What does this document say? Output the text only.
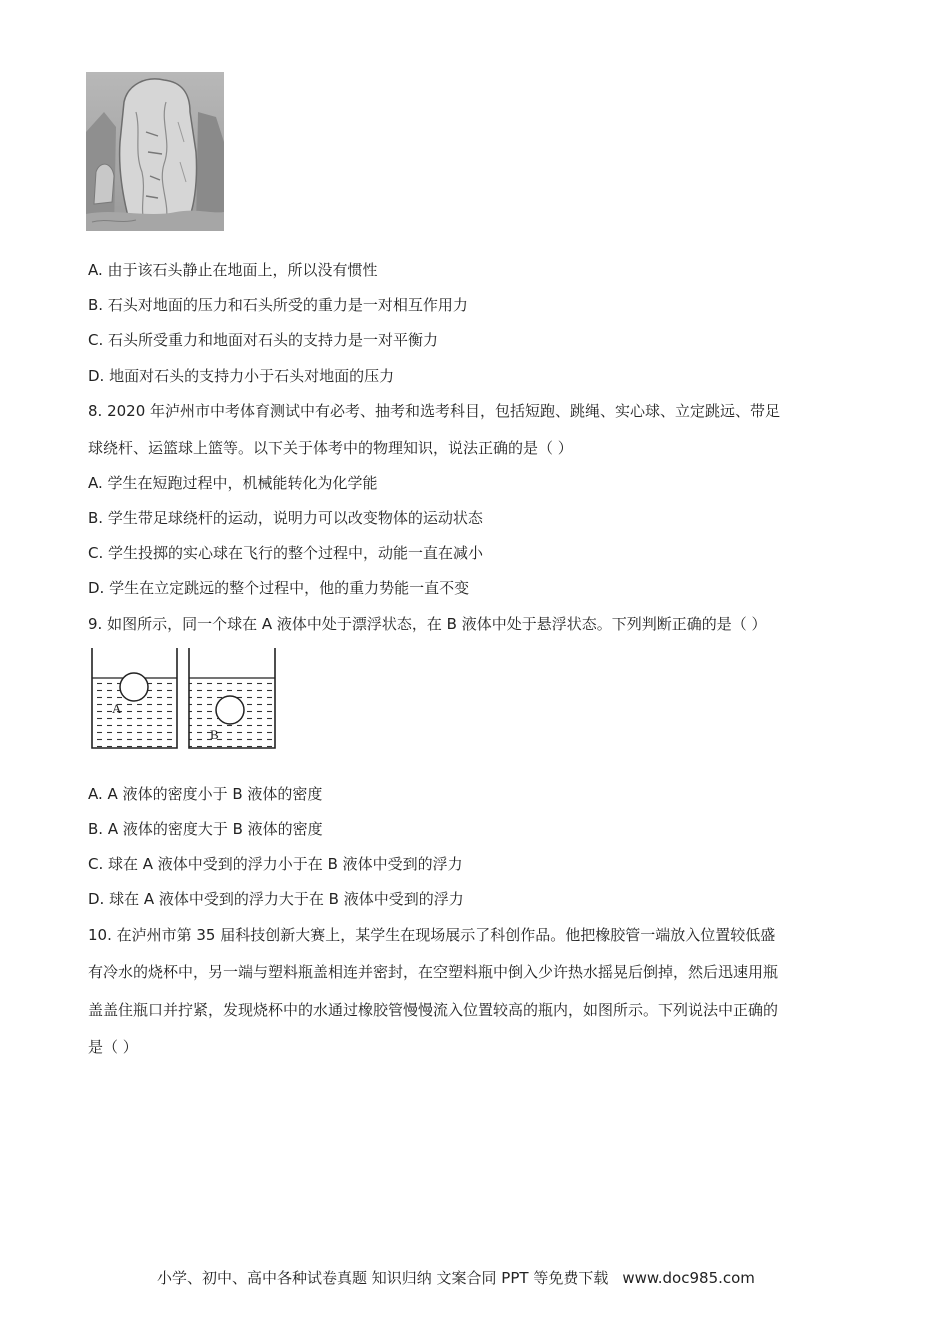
A. 由于该石头静止在地面上，所以没有惯性
B. 石头对地面的压力和石头所受的重力是一对相互作用力
C. 石头所受重力和地面对石头的支持力是一对平衡力
D. 地面对石头的支持力小于石头对地面的压力
8. 2020 年泸州市中考体育测试中有必考、抽考和选考科目，包括短跑、跳绳、实心球、立定跳远、带足
球绕杆、运篮球上篮等。以下关于体考中的物理知识，说法正确的是（ ）
A. 学生在短跑过程中，机械能转化为化学能
B. 学生带足球绕杆的运动，说明力可以改变物体的运动状态
C. 学生投掷的实心球在飞行的整个过程中，动能一直在减小
D. 学生在立定跳远的整个过程中，他的重力势能一直不变
9. 如图所示，同一个球在 A 液体中处于漂浮状态，在 B 液体中处于悬浮状态。下列判断正确的是（ ）
A
B
A. A 液体的密度小于 B 液体的密度
B. A 液体的密度大于 B 液体的密度
C. 球在 A 液体中受到的浮力小于在 B 液体中受到的浮力
D. 球在 A 液体中受到的浮力大于在 B 液体中受到的浮力
10. 在泸州市第 35 届科技创新大赛上，某学生在现场展示了科创作品。他把橡胶管一端放入位置较低盛
有冷水的烧杯中，另一端与塑料瓶盖相连并密封，在空塑料瓶中倒入少许热水摇晃后倒掉，然后迅速用瓶
盖盖住瓶口并拧紧，发现烧杯中的水通过橡胶管慢慢流入位置较高的瓶内，如图所示。下列说法中正确的
是（ ）
小学、初中、高中各种试卷真题 知识归纳 文案合同 PPT 等免费下载 www.doc985.com
